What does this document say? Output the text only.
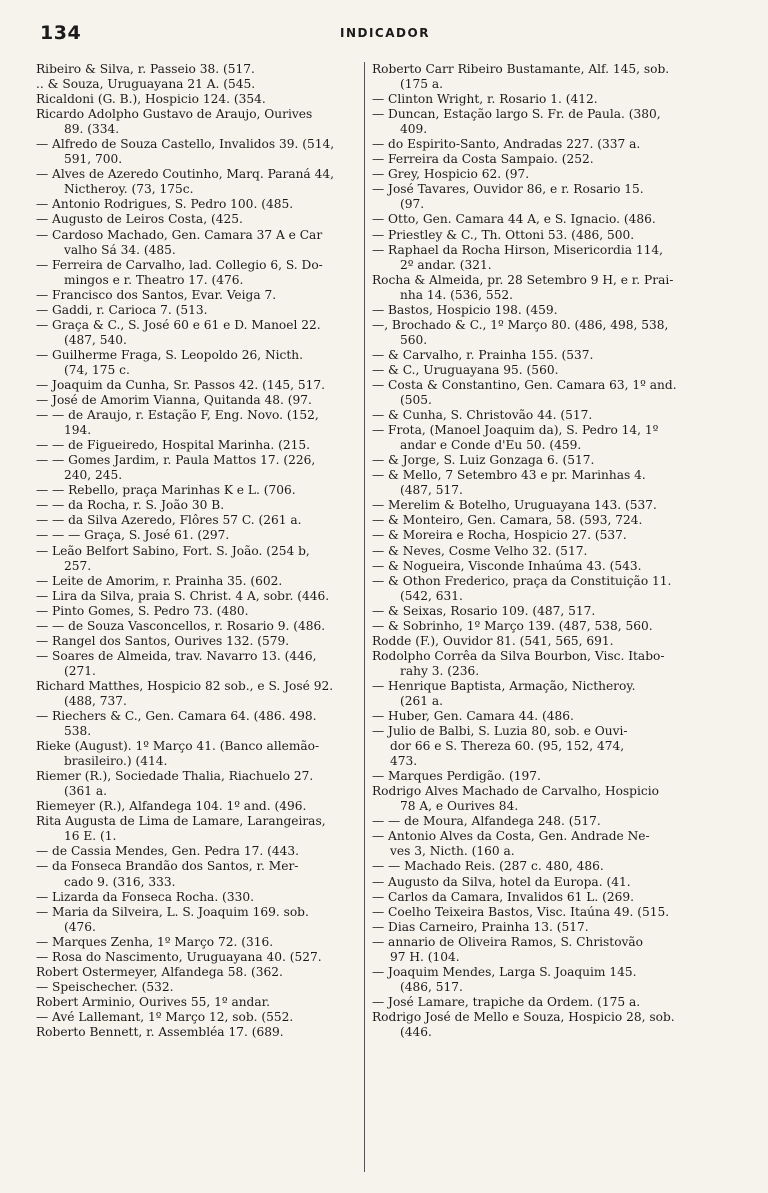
134	INDICADOR
Ribeiro & Silva, r. Passeio 38. (517.
.. & Souza, Uruguayana 21 A. (545.
Ricaldoni (G. B.), Hospicio 124. (354.
Ricardo Adolpho Gustavo de Araujo, Ourives
89. (334.
— Alfredo de Souza Castello, Invalidos 39. (514,
591, 700.
— Alves de Azeredo Coutinho, Marq. Paraná 44,
Nictheroy. (73, 175c.
— Antonio Rodrigues, S. Pedro 100. (485.
— Augusto de Leiros Costa, (425.
— Cardoso Machado, Gen. Camara 37 A e Car
valho Sá 34. (485.
— Ferreira de Carvalho, lad. Collegio 6, S. Do-
mingos e r. Theatro 17. (476.
— Francisco dos Santos, Evar. Veiga 7.
— Gaddi, r. Carioca 7. (513.
— Graça & C., S. José 60 e 61 e D. Manoel 22.
(487, 540.
— Guilherme Fraga, S. Leopoldo 26, Nicth.
(74, 175 c.
— Joaquim da Cunha, Sr. Passos 42. (145, 517.
— José de Amorim Vianna, Quitanda 48. (97.
— — de Araujo, r. Estação F, Eng. Novo. (152,
194.
— — de Figueiredo, Hospital Marinha. (215.
— — Gomes Jardim, r. Paula Mattos 17. (226,
240, 245.
— — Rebello, praça Marinhas K e L. (706.
— — da Rocha, r. S. João 30 B.
— — da Silva Azeredo, Flôres 57 C. (261 a.
— — — Graça, S. José 61. (297.
— Leão Belfort Sabino, Fort. S. João. (254 b,
257.
— Leite de Amorim, r. Prainha 35. (602.
— Lira da Silva, praia S. Christ. 4 A, sobr. (446.
— Pinto Gomes, S. Pedro 73. (480.
— — de Souza Vasconcellos, r. Rosario 9. (486.
— Rangel dos Santos, Ourives 132. (579.
— Soares de Almeida, trav. Navarro 13. (446,
(271.
Richard Matthes, Hospicio 82 sob., e S. José 92.
(488, 737.
— Riechers & C., Gen. Camara 64. (486. 498.
538.
Rieke (August). 1º Março 41. (Banco allemão-
brasileiro.) (414.
Riemer (R.), Sociedade Thalia, Riachuelo 27.
(361 a.
Riemeyer (R.), Alfandega 104. 1º and. (496.
Rita Augusta de Lima de Lamare, Larangeiras,
16 E. (1.
— de Cassia Mendes, Gen. Pedra 17. (443.
— da Fonseca Brandão dos Santos, r. Mer-
cado 9. (316, 333.
— Lizarda da Fonseca Rocha. (330.
— Maria da Silveira, L. S. Joaquim 169. sob.
(476.
— Marques Zenha, 1º Março 72. (316.
— Rosa do Nascimento, Uruguayana 40. (527.
Robert Ostermeyer, Alfandega 58. (362.
— Speischecher. (532.
Robert Arminio, Ourives 55, 1º andar.
— Avé Lallemant, 1º Março 12, sob. (552.
Roberto Bennett, r. Assembléa 17. (689.
Roberto Carr Ribeiro Bustamante, Alf. 145, sob.
(175 a.
— Clinton Wright, r. Rosario 1. (412.
— Duncan, Estação largo S. Fr. de Paula. (380,
409.
— do Espirito-Santo, Andradas 227. (337 a.
— Ferreira da Costa Sampaio. (252.
— Grey, Hospicio 62. (97.
— José Tavares, Ouvidor 86, e r. Rosario 15.
(97.
— Otto, Gen. Camara 44 A, e S. Ignacio. (486.
— Priestley & C., Th. Ottoni 53. (486, 500.
— Raphael da Rocha Hirson, Misericordia 114,
2º andar. (321.
Rocha & Almeida, pr. 28 Setembro 9 H, e r. Prai-
nha 14. (536, 552.
— Bastos, Hospicio 198. (459.
—, Brochado & C., 1º Março 80. (486, 498, 538,
560.
— & Carvalho, r. Prainha 155. (537.
— & C., Uruguayana 95. (560.
— Costa & Constantino, Gen. Camara 63, 1º and.
(505.
— & Cunha, S. Christovão 44. (517.
— Frota, (Manoel Joaquim da), S. Pedro 14, 1º
andar e Conde d'Eu 50. (459.
— & Jorge, S. Luiz Gonzaga 6. (517.
— & Mello, 7 Setembro 43 e pr. Marinhas 4.
(487, 517.
— Merelim & Botelho, Uruguayana 143. (537.
— & Monteiro, Gen. Camara, 58. (593, 724.
— & Moreira e Rocha, Hospicio 27. (537.
— & Neves, Cosme Velho 32. (517.
— & Nogueira, Visconde Inhaúma 43. (543.
— & Othon Frederico, praça da Constituição 11.
(542, 631.
— & Seixas, Rosario 109. (487, 517.
— & Sobrinho, 1º Março 139. (487, 538, 560.
Rodde (F.), Ouvidor 81. (541, 565, 691.
Rodolpho Corrêa da Silva Bourbon, Visc. Itabo-
rahy 3. (236.
— Henrique Baptista, Armação, Nictheroy.
(261 a.
— Huber, Gen. Camara 44. (486.
— Julio de Balbi, S. Luzia 80, sob. e Ouvi-
dor 66 e S. Thereza 60. (95, 152, 474,
473.
— Marques Perdigão. (197.
Rodrigo Alves Machado de Carvalho, Hospicio
78 A, e Ourives 84.
— — de Moura, Alfandega 248. (517.
— Antonio Alves da Costa, Gen. Andrade Ne-
ves 3, Nicth. (160 a.
— — Machado Reis. (287 c. 480, 486.
— Augusto da Silva, hotel da Europa. (41.
— Carlos da Camara, Invalidos 61 L. (269.
— Coelho Teixeira Bastos, Visc. Itaúna 49. (515.
— Dias Carneiro, Prainha 13. (517.
— annario de Oliveira Ramos, S. Christovão
97 H. (104.
— Joaquim Mendes, Larga S. Joaquim 145.
(486, 517.
— José Lamare, trapiche da Ordem. (175 a.
Rodrigo José de Mello e Souza, Hospicio 28, sob.
(446.
